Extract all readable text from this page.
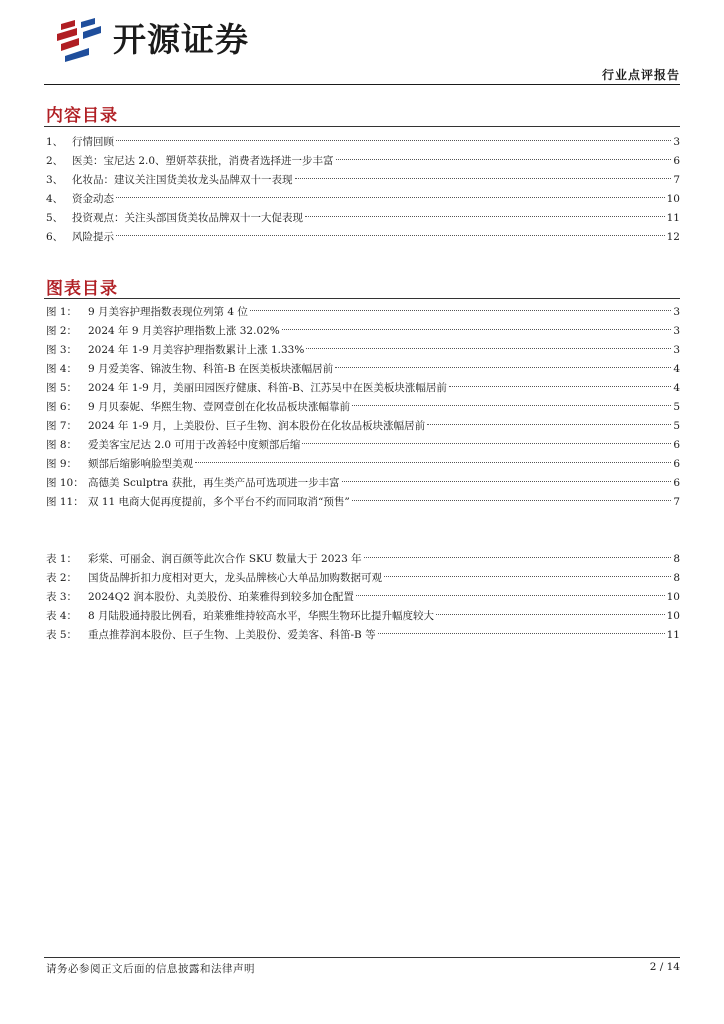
开源证券
行业点评报告
内容目录
1、 行情回顾	3
2、 医美：宝尼达 2.0、塑妍萃获批，消费者选择进一步丰富	6
3、 化妆品：建议关注国货美妆龙头品牌双十一表现	7
4、 资金动态	10
5、 投资观点：关注头部国货美妆品牌双十一大促表现	11
6、 风险提示	12
图表目录
图 1：	9 月美容护理指数表现位列第 4 位	3
图 2：	2024 年 9 月美容护理指数上涨 32.02%	3
图 3：	2024 年 1-9 月美容护理指数累计上涨 1.33%	3
图 4：	9 月爱美客、锦波生物、科笛-B 在医美板块涨幅居前	4
图 5：	2024 年 1-9 月，美丽田园医疗健康、科笛-B、江苏吴中在医美板块涨幅居前	4
图 6：	9 月贝泰妮、华熙生物、壹网壹创在化妆品板块涨幅靠前	5
图 7：	2024 年 1-9 月，上美股份、巨子生物、润本股份在化妆品板块涨幅居前	5
图 8：	爱美客宝尼达 2.0 可用于改善轻中度颏部后缩	6
图 9：	颏部后缩影响脸型美观	6
图 10： 高德美 Sculptra 获批，再生类产品可选项进一步丰富	6
图 11： 双 11 电商大促再度提前，多个平台不约而同取消“预售”	7
表 1：	彩棠、可丽金、润百颜等此次合作 SKU 数量大于 2023 年	8
表 2：	国货品牌折扣力度相对更大，龙头品牌核心大单品加购数据可观	8
表 3：	2024Q2 润本股份、丸美股份、珀莱雅得到较多加仓配置	10
表 4：	8 月陆股通持股比例看，珀莱雅维持较高水平，华熙生物环比提升幅度较大	10
表 5：	重点推荐润本股份、巨子生物、上美股份、爱美客、科笛-B 等	11
请务必参阅正文后面的信息披露和法律声明	2 / 14
